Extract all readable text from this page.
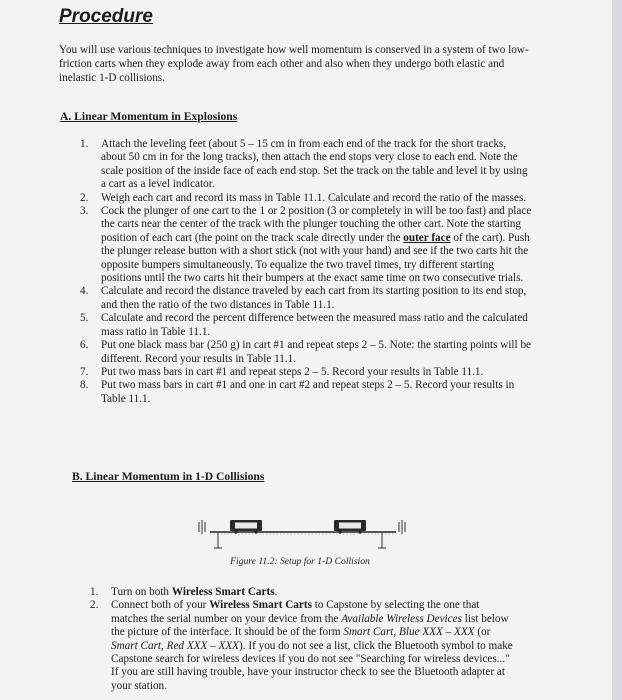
Procedure

You will use various techniques to investigate how well momentum is conserved in a system of two low-friction carts when they explode away from each other and also when they undergo both elastic and inelastic 1-D collisions.

A. Linear Momentum in Explosions

1. Attach the leveling feet (about 5 – 15 cm in from each end of the track for the short tracks, about 50 cm in for the long tracks), then attach the end stops very close to each end. Note the scale position of the inside face of each end stop. Set the track on the table and level it by using a cart as a level indicator.
2. Weigh each cart and record its mass in Table 11.1. Calculate and record the ratio of the masses.
3. Cock the plunger of one cart to the 1 or 2 position (3 or completely in will be too fast) and place the carts near the center of the track with the plunger touching the other cart. Note the starting position of each cart (the point on the track scale directly under the outer face of the cart). Push the plunger release button with a short stick (not with your hand) and see if the two carts hit the opposite bumpers simultaneously. To equalize the two travel times, try different starting positions until the two carts hit their bumpers at the exact same time on two consecutive trials.
4. Calculate and record the distance traveled by each cart from its starting position to its end stop, and then the ratio of the two distances in Table 11.1.
5. Calculate and record the percent difference between the measured mass ratio and the calculated mass ratio in Table 11.1.
6. Put one black mass bar (250 g) in cart #1 and repeat steps 2 – 5. Note: the starting points will be different. Record your results in Table 11.1.
7. Put two mass bars in cart #1 and repeat steps 2 – 5. Record your results in Table 11.1.
8. Put two mass bars in cart #1 and one in cart #2 and repeat steps 2 – 5. Record your results in Table 11.1.

B. Linear Momentum in 1-D Collisions

Figure 11.2: Setup for 1-D Collision

1. Turn on both Wireless Smart Carts.
2. Connect both of your Wireless Smart Carts to Capstone by selecting the one that matches the serial number on your device from the Available Wireless Devices list below the picture of the interface. It should be of the form Smart Cart, Blue XXX – XXX (or Smart Cart, Red XXX – XXX). If you do not see a list, click the Bluetooth symbol to make Capstone search for wireless devices if you do not see "Searching for wireless devices..." If you are still having trouble, have your instructor check to see the Bluetooth adapter at your station.
